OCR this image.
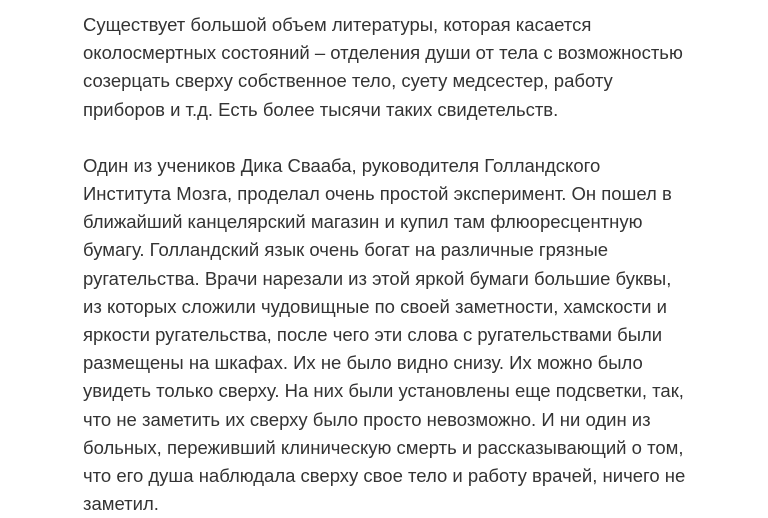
Существует большой объем литературы, которая касается
околосмертных состояний – отделения души от тела с возможностью
созерцать сверху собственное тело, суету медсестер, работу
приборов и т.д. Есть более тысячи таких свидетельств.

Один из учеников Дика Свааба, руководителя Голландского
Института Мозга, проделал очень простой эксперимент. Он пошел в
ближайший канцелярский магазин и купил там флюоресцентную
бумагу. Голландский язык очень богат на различные грязные
ругательства. Врачи нарезали из этой яркой бумаги большие буквы,
из которых сложили чудовищные по своей заметности, хамскости и
яркости ругательства, после чего эти слова с ругательствами были
размещены на шкафах. Их не было видно снизу. Их можно было
увидеть только сверху. На них были установлены еще подсветки, так,
что не заметить их сверху было просто невозможно. И ни один из
больных, переживший клиническую смерть и рассказывающий о том,
что его душа наблюдала сверху свое тело и работу врачей, ничего не
заметил.
